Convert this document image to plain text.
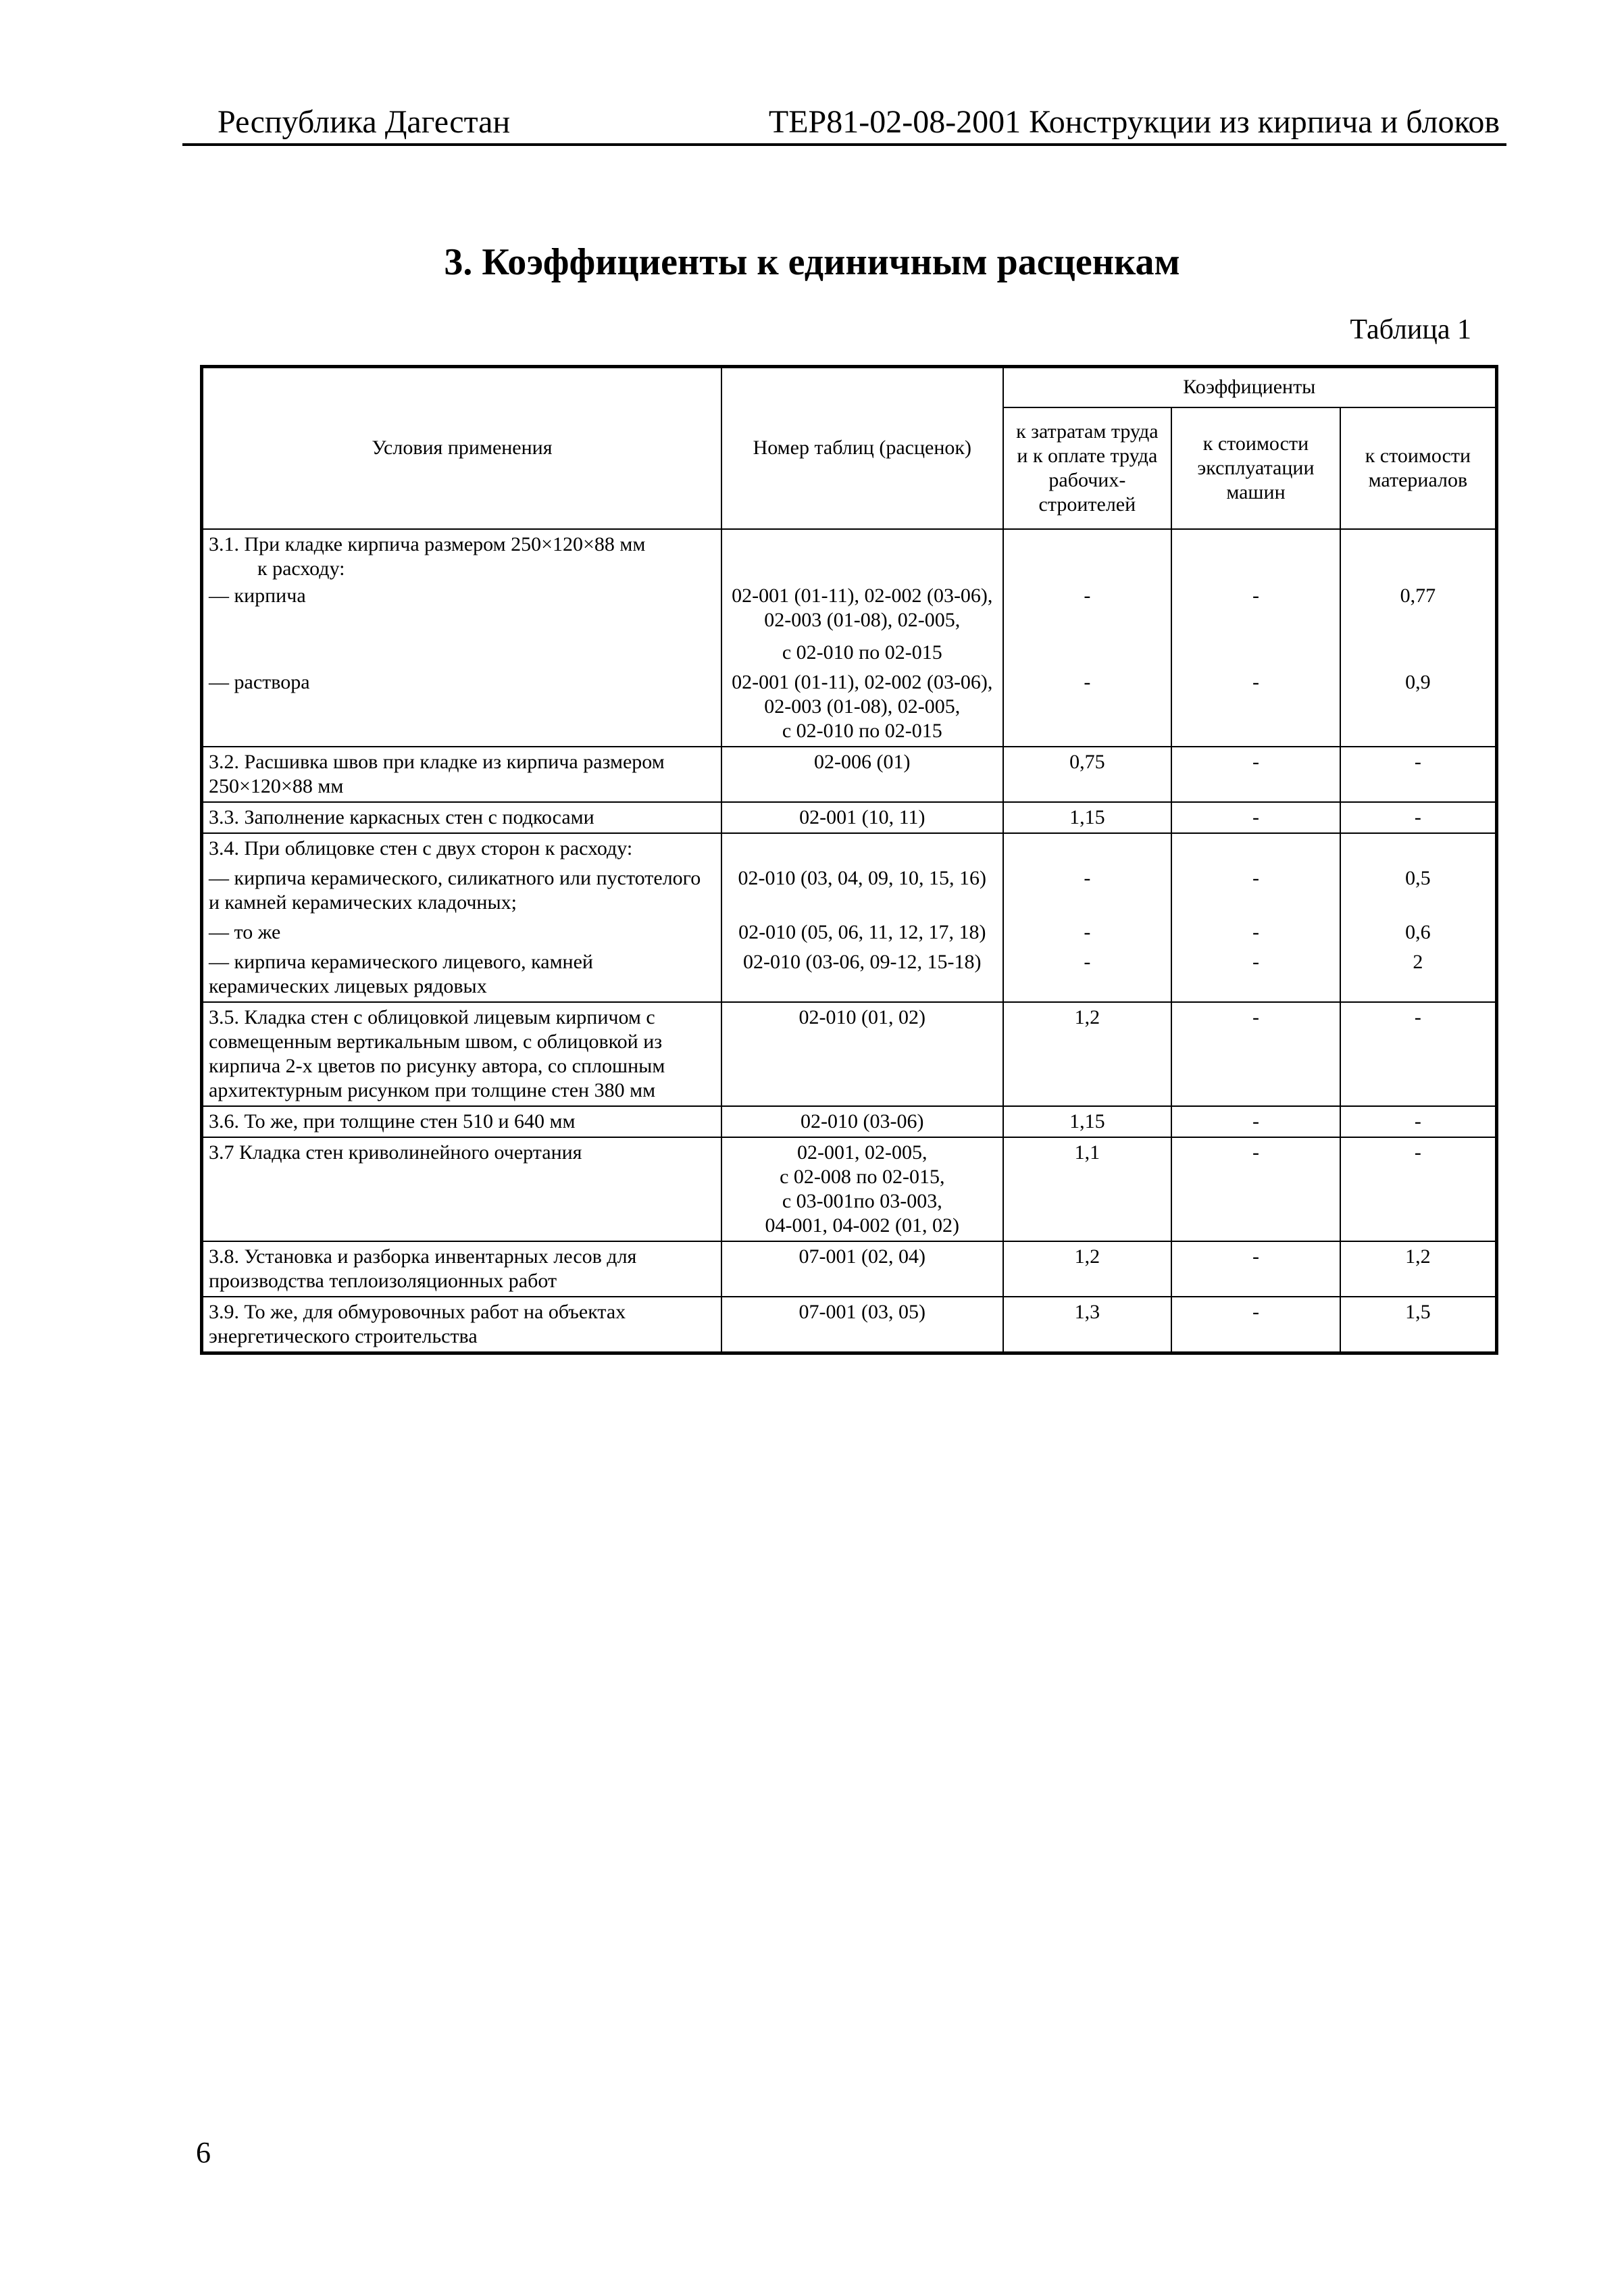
Республика Дагестан	ТЕР81-02-08-2001 Конструкции из кирпича и блоков
3. Коэффициенты к единичным расценкам
Таблица 1
Условия применения	Номер таблиц (расценок)	Коэффициенты		
		к затратам труда и к оплате труда рабочих-строителей	к стоимости эксплуатации машин	к стоимости материалов

3.1. При кладке кирпича размером 250×120×88 мм
к расходу:				

— кирпича	02-001 (01-11), 02-002 (03-06),
02-003 (01-08), 02-005,
с 02-010 по 02-015	-	-	0,77
— раствора	02-001 (01-11), 02-002 (03-06),
02-003 (01-08), 02-005,
с 02-010 по 02-015	-	-	0,9
3.2. Расшивка швов при кладке из кирпича размером 250×120×88 мм	02-006 (01)	0,75	-	-
3.3. Заполнение каркасных стен с подкосами	02-001 (10, 11)	1,15	-	-
3.4. При облицовке стен с двух сторон к расходу:				
— кирпича керамического, силикатного или пустотелого и камней керамических кладочных;	02-010 (03, 04, 09, 10, 15, 16)	-	-	0,5
— то же	02-010 (05, 06, 11, 12, 17, 18)	-	-	0,6
— кирпича керамического лицевого, камней керамических лицевых рядовых	02-010 (03-06, 09-12, 15-18)	-	-	2
3.5. Кладка стен с облицовкой лицевым кирпичом с совмещенным вертикальным швом, с облицовкой из кирпича 2-х цветов по рисунку автора, со сплошным архитектурным рисунком при толщине стен 380 мм	02-010 (01, 02)	1,2	-	-
3.6. То же, при толщине стен 510 и 640 мм	02-010 (03-06)	1,15	-	-
3.7 Кладка стен криволинейного очертания	02-001, 02-005,
с 02-008 по 02-015,
с 03-001по 03-003,
04-001, 04-002 (01, 02)	1,1	-	-
3.8. Установка и разборка инвентарных лесов для производства теплоизоляционных работ	07-001 (02, 04)	1,2	-	1,2
3.9. То же, для обмуровочных работ на объектах энергетического строительства	07-001 (03, 05)	1,3	-	1,5
6
